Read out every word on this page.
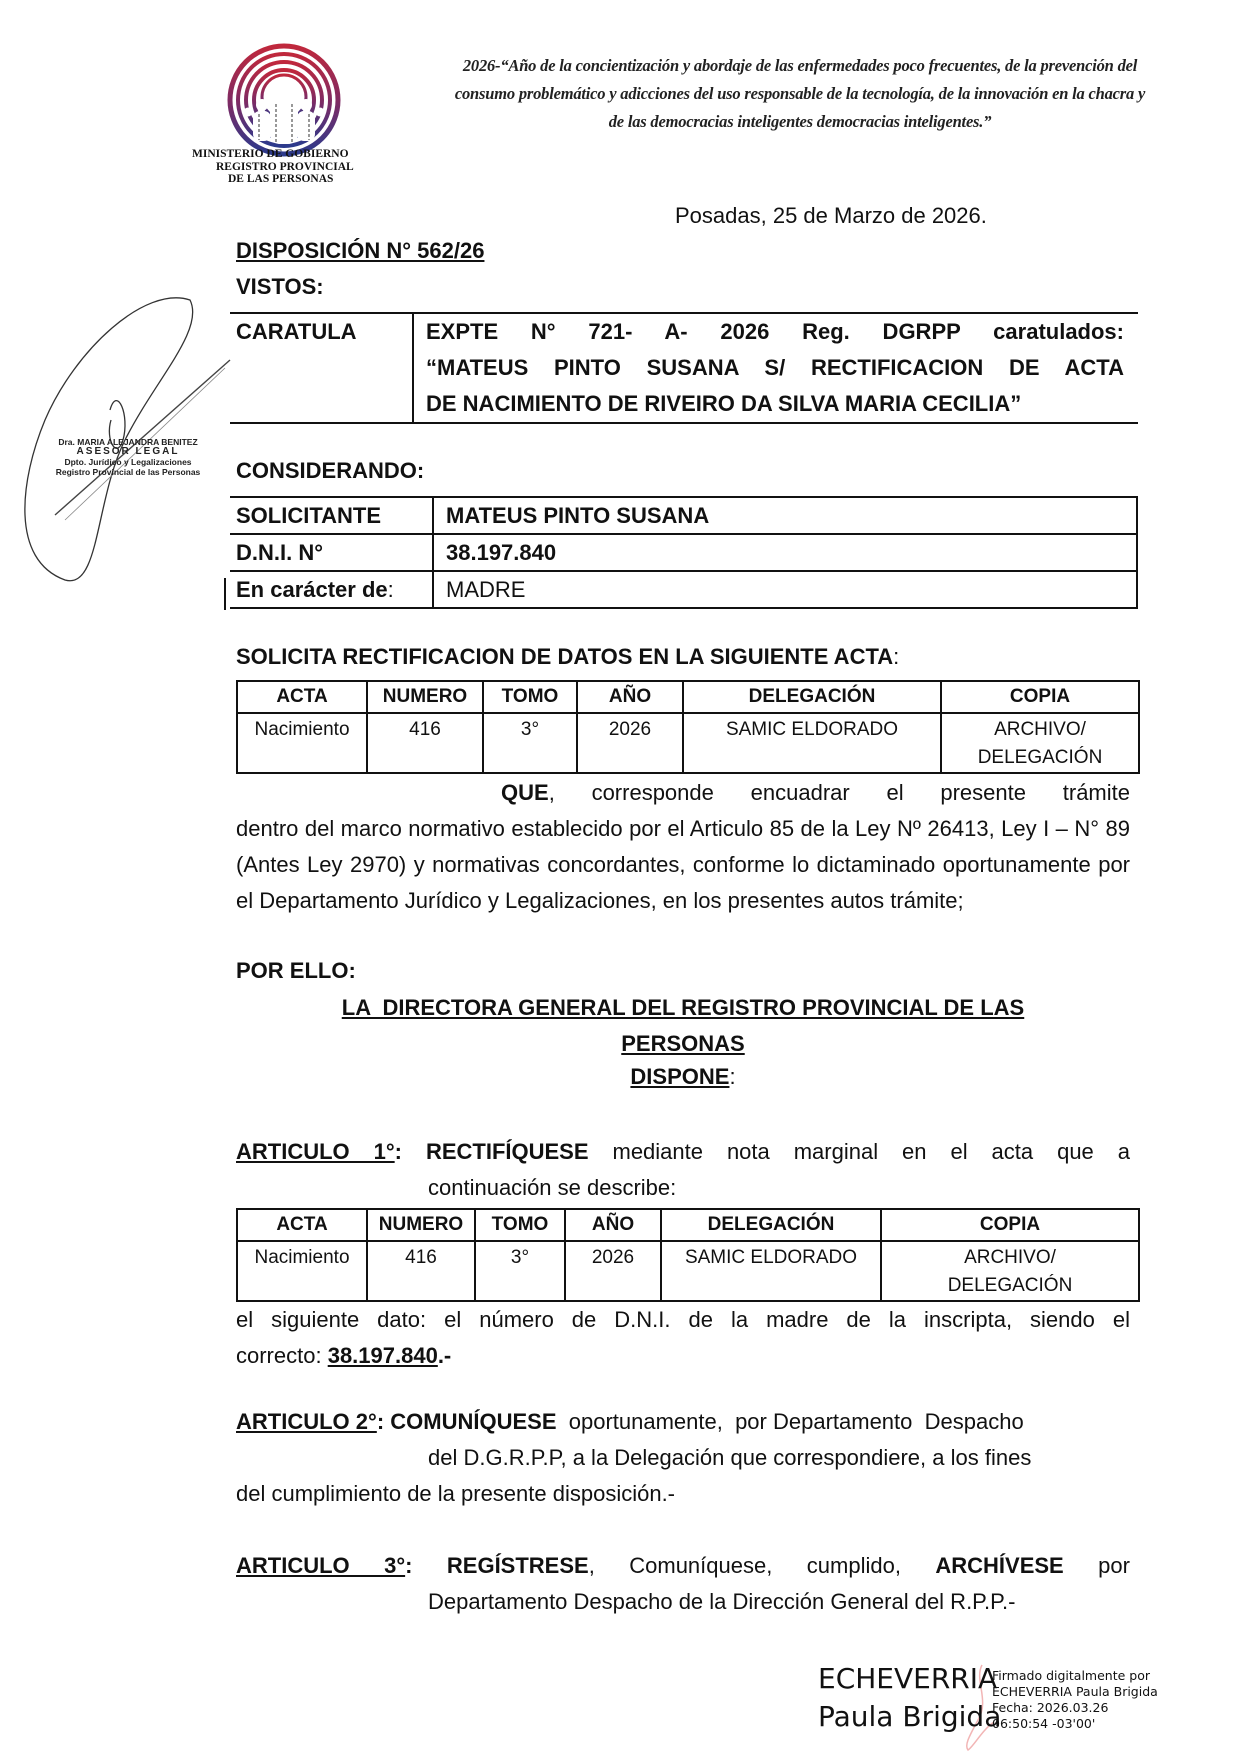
MINISTERIO DE GOBIERNO
REGISTRO PROVINCIAL
DE LAS PERSONAS
2026-“Año de la concientización y abordaje de las enfermedades poco frecuentes, de la prevención del
consumo problemático y adicciones del uso responsable de la tecnología, de la innovación en la chacra y
de las democracias inteligentes democracias inteligentes.”
Dra. MARIA ALEJANDRA BENITEZ
ASESOR LEGAL
Dpto. Jurídico y Legalizaciones
Registro Provincial de las Personas
Posadas, 25 de Marzo de 2026.
DISPOSICIÓN N° 562/26
VISTOS:
CARATULA	EXPTE N° 721- A- 2026 Reg. DGRPP caratulados:
“MATEUS PINTO SUSANA S/ RECTIFICACION DE ACTA
DE NACIMIENTO DE RIVEIRO DA SILVA MARIA CECILIA”
CONSIDERANDO:
SOLICITANTE	MATEUS PINTO SUSANA
D.N.I. N°	38.197.840
En carácter de:	MADRE
SOLICITA RECTIFICACION DE DATOS EN LA SIGUIENTE ACTA:
ACTA	NUMERO	TOMO	AÑO	DELEGACIÓN	COPIA
Nacimiento	416	3°	2026	SAMIC ELDORADO	ARCHIVO/
DELEGACIÓN
QUE, corresponde encuadrar el presente trámite
dentro del marco normativo establecido por el Articulo 85 de la Ley Nº 26413, Ley I – N° 89 (Antes Ley 2970) y normativas concordantes, conforme lo dictaminado oportunamente por el Departamento Jurídico y Legalizaciones, en los presentes autos trámite;
POR ELLO:
LA  DIRECTORA GENERAL DEL REGISTRO PROVINCIAL DE LAS
PERSONAS
DISPONE:
ARTICULO 1°: RECTIFÍQUESE mediante nota marginal en el acta que a
continuación se describe:
ACTA	NUMERO	TOMO	AÑO	DELEGACIÓN	COPIA
Nacimiento	416	3°	2026	SAMIC ELDORADO	ARCHIVO/
DELEGACIÓN
el siguiente dato: el número de D.N.I. de la madre de la inscripta, siendo el
correcto: 38.197.840.-
ARTICULO 2°: COMUNÍQUESE  oportunamente,  por Departamento  Despacho
del D.G.R.P.P, a la Delegación que correspondiere, a los fines
del cumplimiento de la presente disposición.-
ARTICULO 3°: REGÍSTRESE, Comuníquese, cumplido, ARCHÍVESE por
Departamento Despacho de la Dirección General del R.P.P.-
ECHEVERRIA
Paula Brigida
Firmado digitalmente por
ECHEVERRIA Paula Brigida
Fecha: 2026.03.26
06:50:54 -03'00'
